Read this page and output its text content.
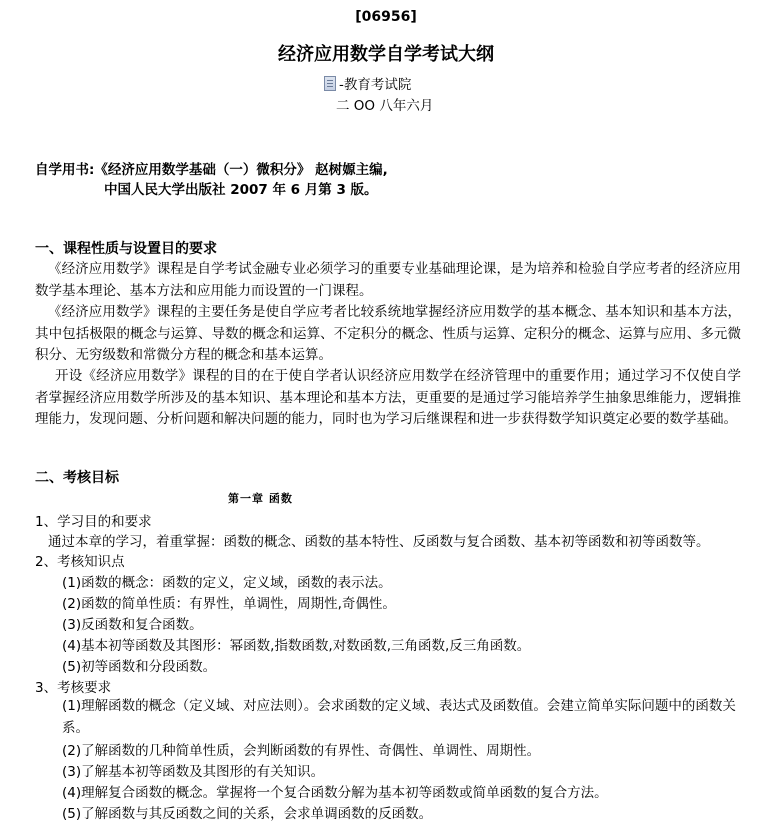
[06956]
经济应用数学自学考试大纲
-教育考试院
二 OO 八年六月
自学用书:《经济应用数学基础（一）微积分》 赵树嫄主编,
中国人民大学出版社 2007 年 6 月第 3 版。
一、课程性质与设置目的要求
《经济应用数学》课程是自学考试金融专业必须学习的重要专业基础理论课，是为培养和检验自学应考者的经济应用数学基本理论、基本方法和应用能力而设置的一门课程。
《经济应用数学》课程的主要任务是使自学应考者比较系统地掌握经济应用数学的基本概念、基本知识和基本方法，其中包括极限的概念与运算、导数的概念和运算、不定积分的概念、性质与运算、定积分的概念、运算与应用、多元微积分、无穷级数和常微分方程的概念和基本运算。
开设《经济应用数学》课程的目的在于使自学者认识经济应用数学在经济管理中的重要作用；通过学习不仅使自学者掌握经济应用数学所涉及的基本知识、基本理论和基本方法，更重要的是通过学习能培养学生抽象思维能力，逻辑推理能力，发现问题、分析问题和解决问题的能力，同时也为学习后继课程和进一步获得数学知识奠定必要的数学基础。
二、考核目标
第一章 函数
1、学习目的和要求
通过本章的学习，着重掌握：函数的概念、函数的基本特性、反函数与复合函数、基本初等函数和初等函数等。
2、考核知识点
(1)函数的概念：函数的定义，定义域，函数的表示法。
(2)函数的简单性质：有界性，单调性，周期性,奇偶性。
(3)反函数和复合函数。
(4)基本初等函数及其图形：幂函数,指数函数,对数函数,三角函数,反三角函数。
(5)初等函数和分段函数。
3、考核要求
(1)理解函数的概念（定义域、对应法则）。会求函数的定义域、表达式及函数值。会建立简单实际问题中的函数关系。
(2)了解函数的几种简单性质，会判断函数的有界性、奇偶性、单调性、周期性。
(3)了解基本初等函数及其图形的有关知识。
(4)理解复合函数的概念。掌握将一个复合函数分解为基本初等函数或简单函数的复合方法。
(5)了解函数与其反函数之间的关系，会求单调函数的反函数。
